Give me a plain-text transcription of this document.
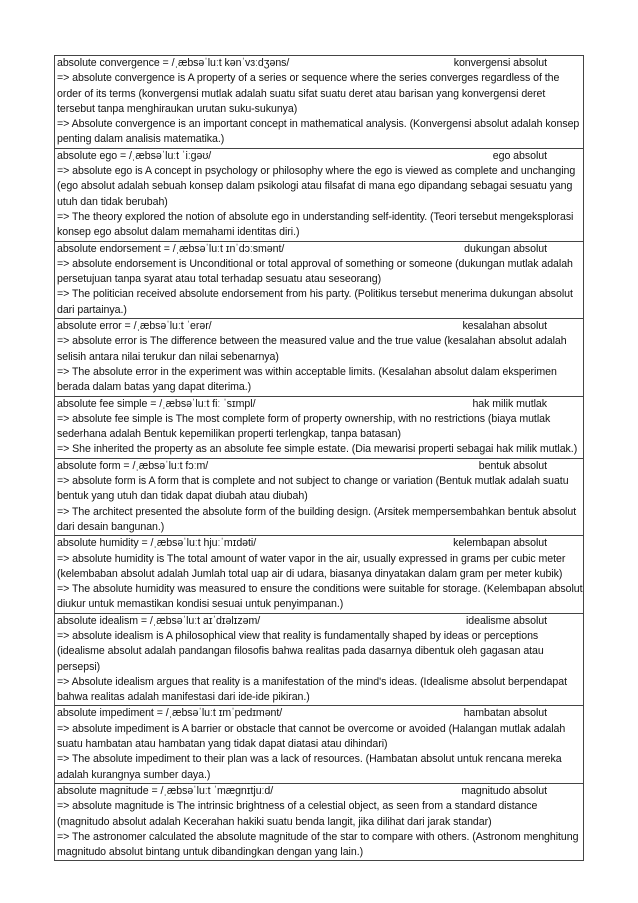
absolute convergence = /ˌæbsəˈluːt kənˈvɜːdʒəns/	konvergensi absolut
=> absolute convergence is A property of a series or sequence where the series converges regardless of the order of its terms (konvergensi mutlak adalah suatu sifat suatu deret atau barisan yang konvergensi deret tersebut tanpa menghiraukan urutan suku-sukunya)
=> Absolute convergence is an important concept in mathematical analysis. (Konvergensi absolut adalah konsep penting dalam analisis matematika.)
absolute ego = /ˌæbsəˈluːt ˈiːgəʊ/	ego absolut
=> absolute ego is A concept in psychology or philosophy where the ego is viewed as complete and unchanging (ego absolut adalah sebuah konsep dalam psikologi atau filsafat di mana ego dipandang sebagai sesuatu yang utuh dan tidak berubah)
=> The theory explored the notion of absolute ego in understanding self-identity. (Teori tersebut mengeksplorasi konsep ego absolut dalam memahami identitas diri.)
absolute endorsement = /ˌæbsəˈluːt ɪnˈdɔːsmənt/	dukungan absolut
=> absolute endorsement is Unconditional or total approval of something or someone (dukungan mutlak adalah persetujuan tanpa syarat atau total terhadap sesuatu atau seseorang)
=> The politician received absolute endorsement from his party. (Politikus tersebut menerima dukungan absolut dari partainya.)
absolute error = /ˌæbsəˈluːt ˈerər/	kesalahan absolut
=> absolute error is The difference between the measured value and the true value (kesalahan absolut adalah selisih antara nilai terukur dan nilai sebenarnya)
=> The absolute error in the experiment was within acceptable limits. (Kesalahan absolut dalam eksperimen berada dalam batas yang dapat diterima.)
absolute fee simple = /ˌæbsəˈluːt fiː ˈsɪmpl/	hak milik mutlak
=> absolute fee simple is The most complete form of property ownership, with no restrictions (biaya mutlak sederhana adalah Bentuk kepemilikan properti terlengkap, tanpa batasan)
=> She inherited the property as an absolute fee simple estate. (Dia mewarisi properti sebagai hak milik mutlak.)
absolute form = /ˌæbsəˈluːt fɔːm/	bentuk absolut
=> absolute form is A form that is complete and not subject to change or variation (Bentuk mutlak adalah suatu bentuk yang utuh dan tidak dapat diubah atau diubah)
=> The architect presented the absolute form of the building design. (Arsitek mempersembahkan bentuk absolut dari desain bangunan.)
absolute humidity = /ˌæbsəˈluːt hjuːˈmɪdəti/	kelembapan absolut
=> absolute humidity is The total amount of water vapor in the air, usually expressed in grams per cubic meter (kelembaban absolut adalah Jumlah total uap air di udara, biasanya dinyatakan dalam gram per meter kubik)
=> The absolute humidity was measured to ensure the conditions were suitable for storage. (Kelembapan absolut diukur untuk memastikan kondisi sesuai untuk penyimpanan.)
absolute idealism = /ˌæbsəˈluːt aɪˈdɪəlɪzəm/	idealisme absolut
=> absolute idealism is A philosophical view that reality is fundamentally shaped by ideas or perceptions (idealisme absolut adalah pandangan filosofis bahwa realitas pada dasarnya dibentuk oleh gagasan atau persepsi)
=> Absolute idealism argues that reality is a manifestation of the mind's ideas. (Idealisme absolut berpendapat bahwa realitas adalah manifestasi dari ide-ide pikiran.)
absolute impediment = /ˌæbsəˈluːt ɪmˈpedɪmənt/	hambatan absolut
=> absolute impediment is A barrier or obstacle that cannot be overcome or avoided (Halangan mutlak adalah suatu hambatan atau hambatan yang tidak dapat diatasi atau dihindari)
=> The absolute impediment to their plan was a lack of resources. (Hambatan absolut untuk rencana mereka adalah kurangnya sumber daya.)
absolute magnitude = /ˌæbsəˈluːt ˈmægnɪtjuːd/	magnitudo absolut
=> absolute magnitude is The intrinsic brightness of a celestial object, as seen from a standard distance (magnitudo absolut adalah Kecerahan hakiki suatu benda langit, jika dilihat dari jarak standar)
=> The astronomer calculated the absolute magnitude of the star to compare with others. (Astronom menghitung magnitudo absolut bintang untuk dibandingkan dengan yang lain.)
